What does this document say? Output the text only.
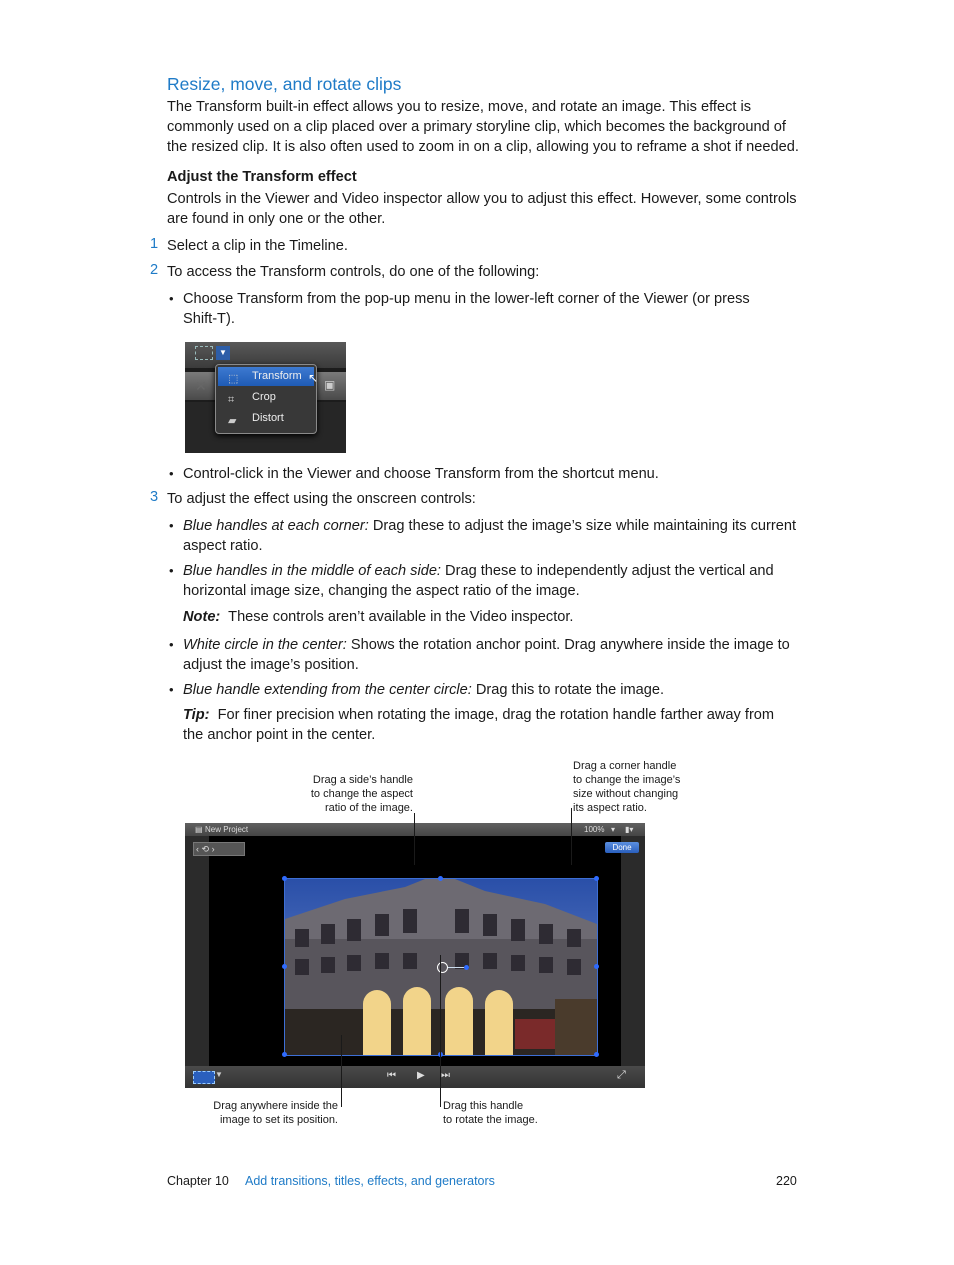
Resize, move, and rotate clips
The Transform built-in effect allows you to resize, move, and rotate an image. This effect is commonly used on a clip placed over a primary storyline clip, which becomes the background of the resized clip. It is also often used to zoom in on a clip, allowing you to reframe a shot if needed.
Adjust the Transform effect
Controls in the Viewer and Video inspector allow you to adjust this effect. However, some controls are found in only one or the other.
1 Select a clip in the Timeline.
2 To access the Transform controls, do one of the following:
• Choose Transform from the pop-up menu in the lower-left corner of the Viewer (or press Shift-T).
▼
✕	▣
⬚ Transform ↖
⌗ Crop
▰ Distort
• Control-click in the Viewer and choose Transform from the shortcut menu.
3 To adjust the effect using the onscreen controls:
• Blue handles at each corner: Drag these to adjust the image’s size while maintaining its current aspect ratio.
• Blue handles in the middle of each side: Drag these to independently adjust the vertical and horizontal image size, changing the aspect ratio of the image.
Note: These controls aren’t available in the Video inspector.
• White circle in the center: Shows the rotation anchor point. Drag anywhere inside the image to adjust the image’s position.
• Blue handle extending from the center circle: Drag this to rotate the image.
Tip: For finer precision when rotating the image, drag the rotation handle farther away from the anchor point in the center.
Drag a side’s handle
to change the aspect
ratio of the image.
Drag a corner handle
to change the image’s
size without changing
its aspect ratio.
Drag anywhere inside the
image to set its position.
Drag this handle
to rotate the image.
▤ New Project	100% ▾ ▮▾
‹ ⟲ ›	Done
▼	⏮ ▶ ⏭	⤢
Chapter 10 Add transitions, titles, effects, and generators	220
